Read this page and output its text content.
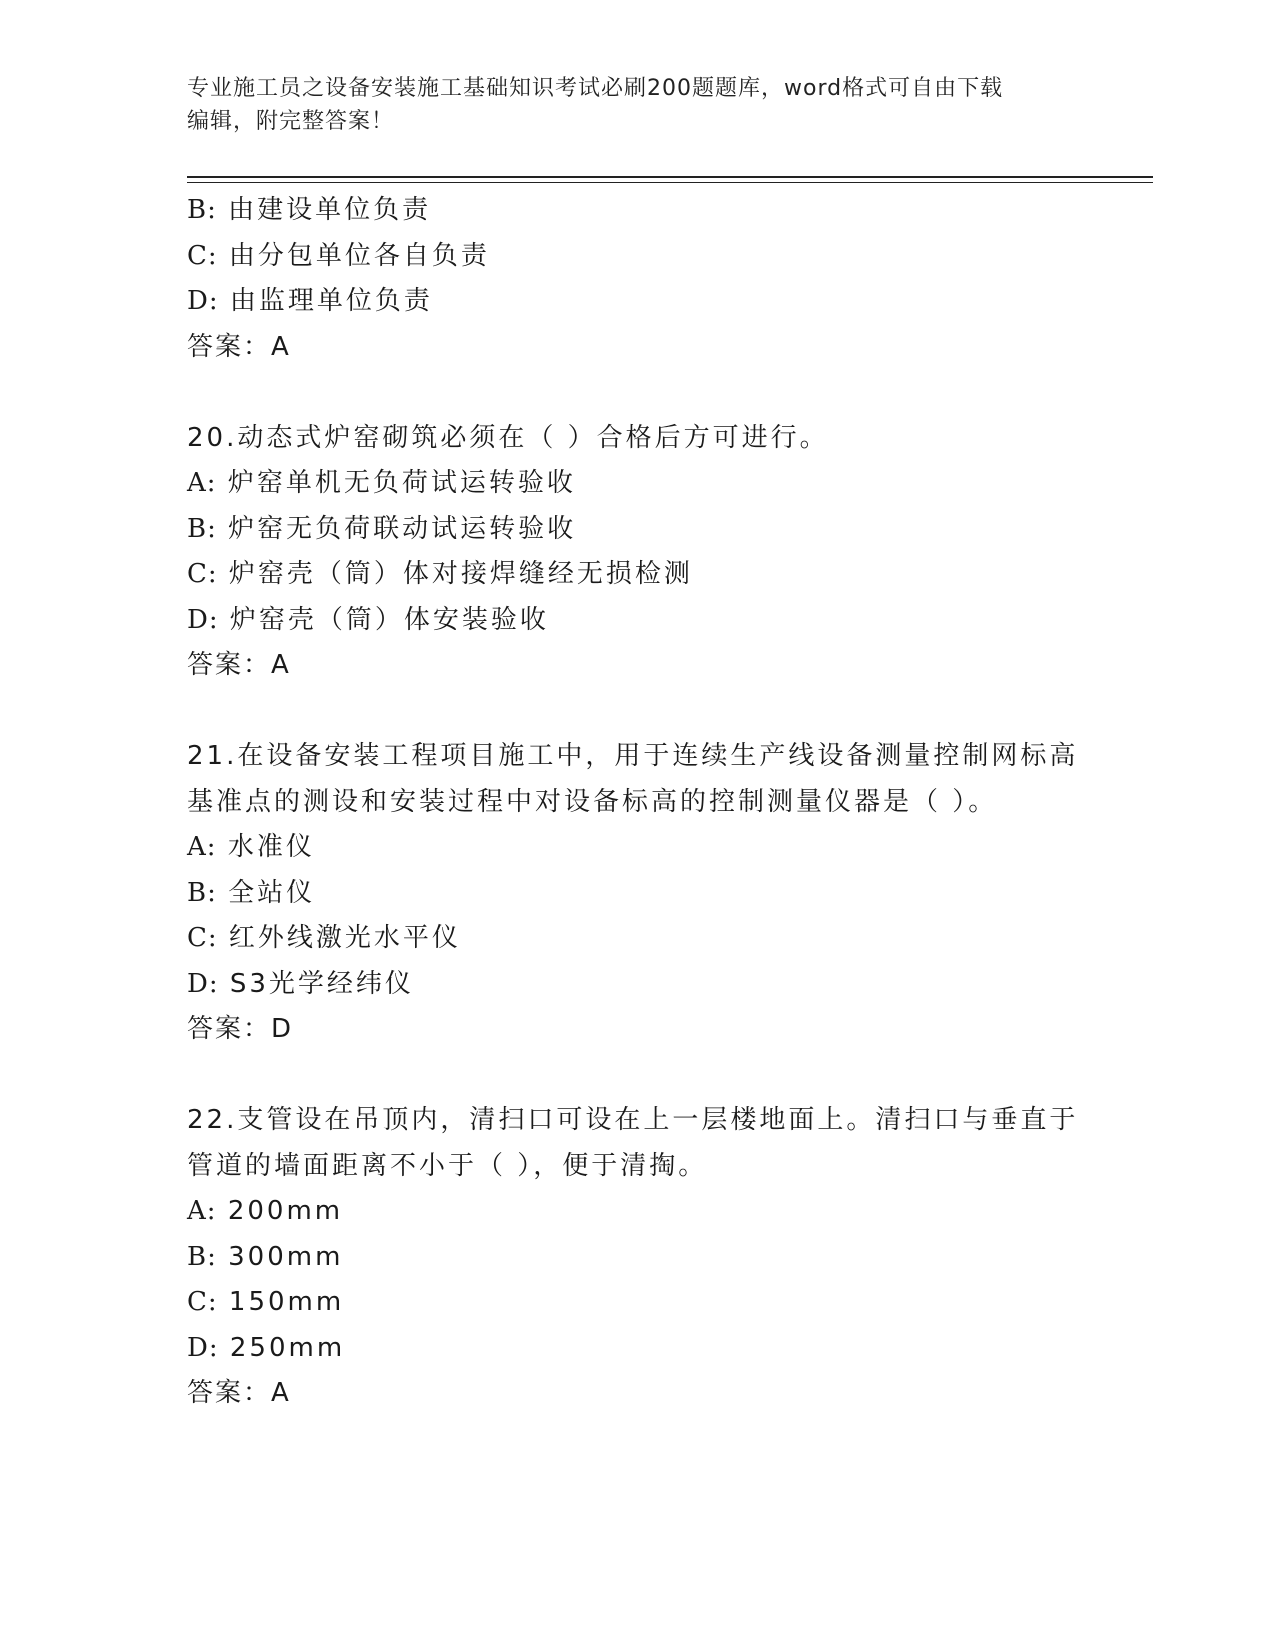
专业施工员之设备安装施工基础知识考试必刷200题题库，word格式可自由下载
编辑，附完整答案！
B: 由建设单位负责
C: 由分包单位各自负责
D: 由监理单位负责
答案：A
20.动态式炉窑砌筑必须在（ ）合格后方可进行。
A: 炉窑单机无负荷试运转验收
B: 炉窑无负荷联动试运转验收
C: 炉窑壳（筒）体对接焊缝经无损检测
D: 炉窑壳（筒）体安装验收
答案：A
21.在设备安装工程项目施工中，用于连续生产线设备测量控制网标高
基准点的测设和安装过程中对设备标高的控制测量仪器是（ ）。
A: 水准仪
B: 全站仪
C: 红外线激光水平仪
D: S3光学经纬仪
答案：D
22.支管设在吊顶内，清扫口可设在上一层楼地面上。清扫口与垂直于
管道的墙面距离不小于（ ），便于清掏。
A: 200mm
B: 300mm
C: 150mm
D: 250mm
答案：A
